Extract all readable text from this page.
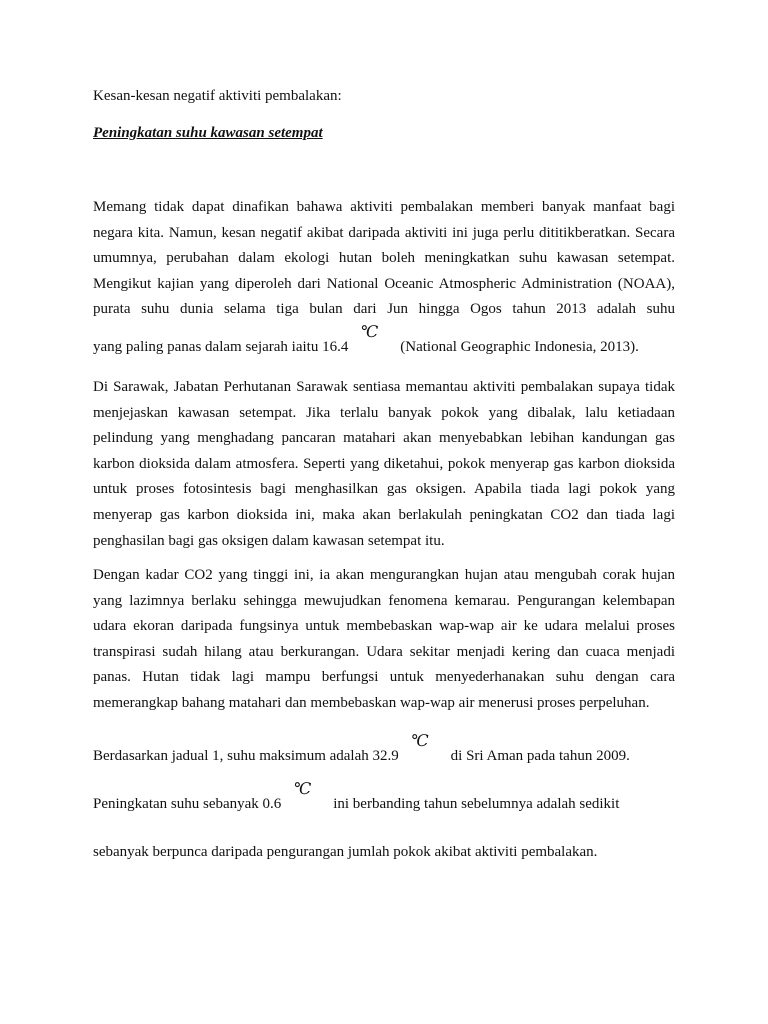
Kesan-kesan negatif aktiviti pembalakan:

Peningkatan suhu kawasan setempat

Memang tidak dapat dinafikan bahawa aktiviti pembalakan memberi banyak manfaat bagi negara kita. Namun, kesan negatif akibat daripada aktiviti ini juga perlu dititikberatkan. Secara umumnya, perubahan dalam ekologi hutan boleh meningkatkan suhu kawasan setempat. Mengikut kajian yang diperoleh dari National Oceanic Atmospheric Administration (NOAA), purata suhu dunia selama tiga bulan dari Jun hingga Ogos tahun 2013 adalah suhu yang paling panas dalam sejarah iaitu 16.4℃(National Geographic Indonesia, 2013).

Di Sarawak, Jabatan Perhutanan Sarawak sentiasa memantau aktiviti pembalakan supaya tidak menjejaskan kawasan setempat. Jika terlalu banyak pokok yang dibalak, lalu ketiadaan pelindung yang menghadang pancaran matahari akan menyebabkan lebihan kandungan gas karbon dioksida dalam atmosfera. Seperti yang diketahui, pokok menyerap gas karbon dioksida untuk proses fotosintesis bagi menghasilkan gas oksigen. Apabila tiada lagi pokok yang menyerap gas karbon dioksida ini, maka akan berlakulah peningkatan CO2 dan tiada lagi penghasilan bagi gas oksigen dalam kawasan setempat itu.

Dengan kadar CO2 yang tinggi ini, ia akan mengurangkan hujan atau mengubah corak hujan yang lazimnya berlaku sehingga mewujudkan fenomena kemarau. Pengurangan kelembapan udara ekoran daripada fungsinya untuk membebaskan wap-wap air ke udara melalui proses transpirasi sudah hilang atau berkurangan. Udara sekitar menjadi kering dan cuaca menjadi panas. Hutan tidak lagi mampu berfungsi untuk menyederhanakan suhu dengan cara memerangkap bahang matahari dan membebaskan wap-wap air menerusi proses perpeluhan.

Berdasarkan jadual 1, suhu maksimum adalah 32.9℃di Sri Aman pada tahun 2009. Peningkatan suhu sebanyak 0.6℃ini berbanding tahun sebelumnya adalah sedikit sebanyak berpunca daripada pengurangan jumlah pokok akibat aktiviti pembalakan.
